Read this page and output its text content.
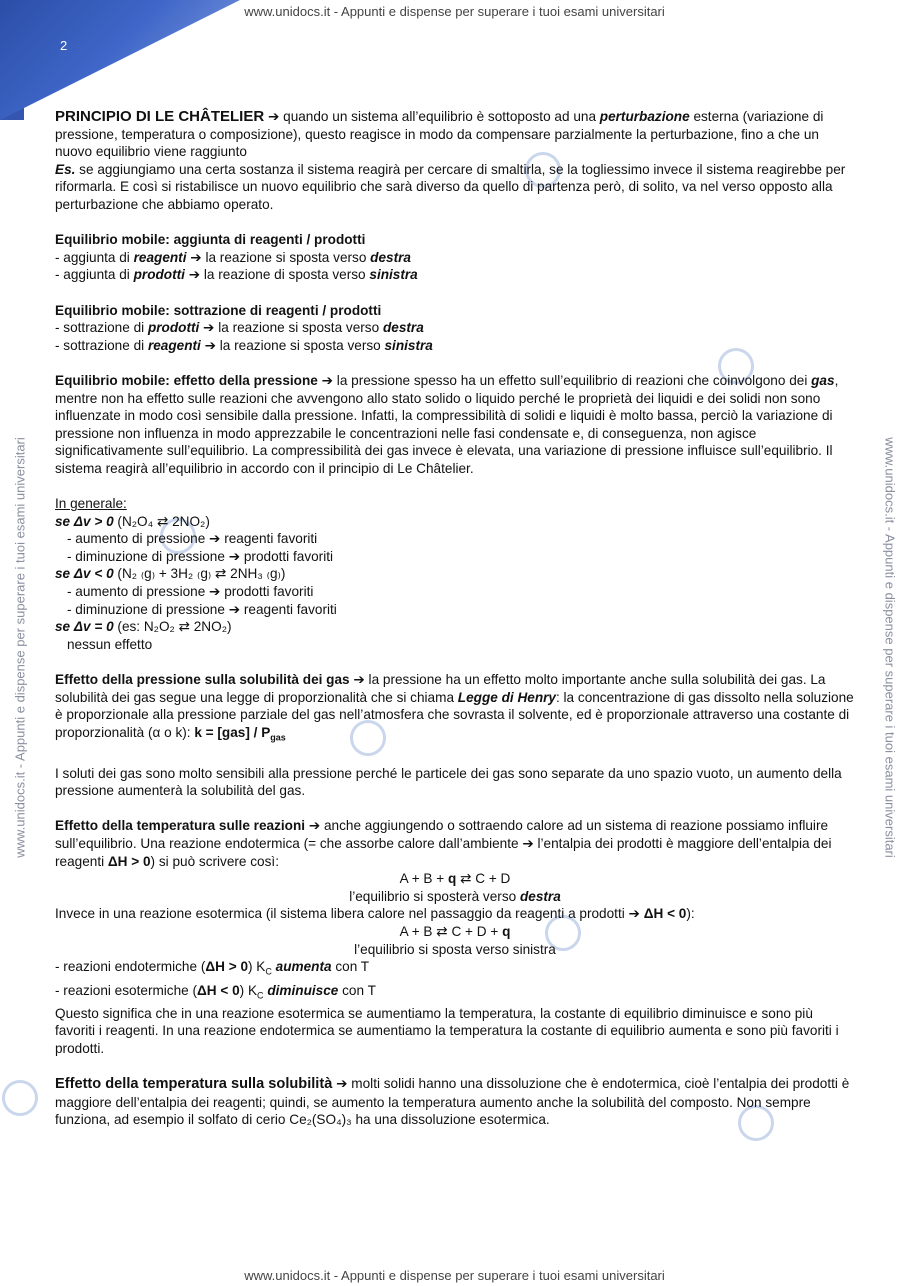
2
www.unidocs.it - Appunti e dispense per superare i tuoi esami universitari
www.unidocs.it - Appunti e dispense per superare i tuoi esami universitari
www.unidocs.it - Appunti e dispense per superare i tuoi esami universitari	www.unidocs.it - Appunti e dispense per superare i tuoi esami universitari

PRINCIPIO DI LE CHÂTELIER ➔ quando un sistema all’equilibrio è sottoposto ad una perturbazione esterna (variazione di pressione, temperatura o composizione), questo reagisce in modo da compensare parzialmente la perturbazione, fino a che un nuovo equilibrio viene raggiunto

Es. se aggiungiamo una certa sostanza il sistema reagirà per cercare di smaltirla, se la togliessimo invece il sistema reagirebbe per riformarla. E così si ristabilisce un nuovo equilibrio che sarà diverso da quello di partenza però, di solito, va nel verso opposto alla perturbazione che abbiamo operato.

Equilibrio mobile: aggiunta di reagenti / prodotti

- aggiunta di reagenti ➔ la reazione si sposta verso destra

- aggiunta di prodotti ➔ la reazione di sposta verso sinistra

Equilibrio mobile: sottrazione di reagenti / prodotti

- sottrazione di prodotti ➔ la reazione si sposta verso destra

- sottrazione di reagenti ➔ la reazione si sposta verso sinistra

Equilibrio mobile: effetto della pressione ➔ la pressione spesso ha un effetto sull’equilibrio di reazioni che coinvolgono dei gas, mentre non ha effetto sulle reazioni che avvengono allo stato solido o liquido perché le proprietà dei liquidi e dei solidi non sono influenzate in modo così sensibile dalla pressione. Infatti, la compressibilità di solidi e liquidi è molto bassa, perciò la variazione di pressione non influenza in modo apprezzabile le concentrazioni nelle fasi condensate e, di conseguenza, non agisce significativamente sull’equilibrio. La compressibilità dei gas invece è elevata, una variazione di pressione influisce sull’equilibrio. Il sistema reagirà all’equilibrio in accordo con il principio di Le Châtelier.

In generale:

se Δv > 0 (N₂O₄ ⇄ 2NO₂)

- aumento di pressione ➔ reagenti favoriti

- diminuzione di pressione ➔ prodotti favoriti

se Δv < 0 (N₂ ₍g₎ + 3H₂ ₍g₎ ⇄ 2NH₃ ₍g₎)

- aumento di pressione ➔ prodotti favoriti

- diminuzione di pressione ➔ reagenti favoriti

se Δv = 0 (es: N₂O₂ ⇄ 2NO₂)

nessun effetto

Effetto della pressione sulla solubilità dei gas ➔ la pressione ha un effetto molto importante anche sulla solubilità dei gas. La solubilità dei gas segue una legge di proporzionalità che si chiama Legge di Henry: la concentrazione di gas dissolto nella soluzione è proporzionale alla pressione parziale del gas nell’atmosfera che sovrasta il solvente, ed è proporzionale attraverso una costante di proporzionalità (α o k): $k = [gas] / P_{gas}$

I soluti dei gas sono molto sensibili alla pressione perché le particele dei gas sono separate da uno spazio vuoto, un aumento della pressione aumenterà la solubilità del gas.

Effetto della temperatura sulle reazioni ➔ anche aggiungendo o sottraendo calore ad un sistema di reazione possiamo influire sull’equilibrio. Una reazione endotermica (= che assorbe calore dall’ambiente ➔ l’entalpia dei prodotti è maggiore dell’entalpia dei reagenti ΔH > 0) si può scrivere così:

A + B + q ⇄ C + D

l’equilibrio si sposterà verso destra

Invece in una reazione esotermica (il sistema libera calore nel passaggio da reagenti a prodotti ➔ ΔH < 0):

A + B ⇄ C + D + q

l’equilibrio si sposta verso sinistra

- reazioni endotermiche (ΔH > 0) $K_C$ aumenta con T

- reazioni esotermiche (ΔH < 0) $K_C$ diminuisce con T

Questo significa che in una reazione esotermica se aumentiamo la temperatura, la costante di equilibrio diminuisce e sono più favoriti i reagenti. In una reazione endotermica se aumentiamo la temperatura la costante di equilibrio aumenta e sono più favoriti i prodotti.

Effetto della temperatura sulla solubilità ➔ molti solidi hanno una dissoluzione che è endotermica, cioè l’entalpia dei prodotti è maggiore dell’entalpia dei reagenti; quindi, se aumento la temperatura aumento anche la solubilità del composto. Non sempre funziona, ad esempio il solfato di cerio Ce₂(SO₄)₃ ha una dissoluzione esotermica.
